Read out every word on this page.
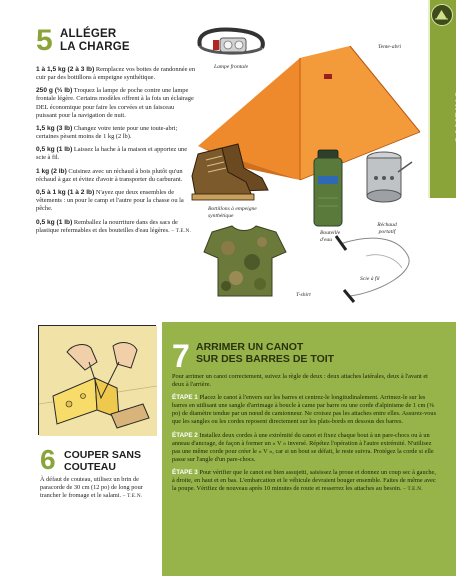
5 ALLÉGER
LA CHARGE
1 à 1,5 kg (2 à 3 lb) Remplacez vos bottes de randonnée en cuir par des bottillons à empeigne synthétique.
250 g (⅓ lb) Troquez la lampe de poche contre une lampe frontale légère. Certains modèles offrent à la fois un éclairage DEL économique pour faire les corvées et un faisceau puissant pour la navigation de nuit.
1,5 kg (3 lb) Changez votre tente pour une toute-abri; certaines pèsent moins de 1 kg (2 lb).
0,5 kg (1 lb) Laissez la hache à la maison et apportez une scie à fil.
1 kg (2 lb) Cuisinez avec un réchaud à bois plutôt qu'un réchaud à gaz et évitez d'avoir à transporter du carburant.
0,5 à 1 kg (1 à 2 lb) N'ayez que deux ensembles de vêtements : un pour le camp et l'autre pour la chasse ou la pêche.
0,5 kg (1 lb) Remballez la nourriture dans des sacs de plastique refermables et des bouteilles d'eau légères. – T.E.N.
Lampe frontale
Tente-abri
Bottillons à empeigne synthétique
Bouteille d'eau
Réchaud portatif
T-shirt
Scie à fil
CAMPING
6 COUPER SANS
COUTEAU
À défaut de couteau, utilisez un brin de paracorde de 30 cm (12 po) de long pour trancher le fromage et le salami. – T.E.N.
7 ARRIMER UN CANOT
SUR DES BARRES DE TOIT

Pour arrimer un canot correctement, suivez la règle de deux : deux attaches latérales, deux à l'avant et deux à l'arrière.

ÉTAPE 1 Placez le canot à l'envers sur les barres et centrez-le longitudinalement. Arrimez-le sur les barres en utilisant une sangle d'arrimage à boucle à came par barre ou une corde d'alpinisme de 1 cm (⅜ po) de diamètre tendue par un nœud de camionneur. Ne croisez pas les attaches entre elles. Assurez-vous que les sangles ou les cordes reposent directement sur les plats-bords en dessous des barres.

ÉTAPE 2 Installez deux cordes à une extrémité du canot et fixez chaque bout à un pare-chocs ou à un anneau d'ancrage, de façon à former un « V » inversé. Répétez l'opération à l'autre extrémité. N'utilisez pas une même corde pour créer le « V », car si un bout se défait, le reste suivra. Protégez la corde si elle passe sur l'angle d'un pare-chocs.

ÉTAPE 3 Pour vérifier que le canot est bien assujetti, saisissez la proue et donnez un coup sec à gauche, à droite, en haut et en bas. L'embarcation et le véhicule devraient bouger ensemble. Faites de même avec la poupe. Vérifiez de nouveau après 10 minutes de route et resserrez les attaches au besoin. – T.E.N.
